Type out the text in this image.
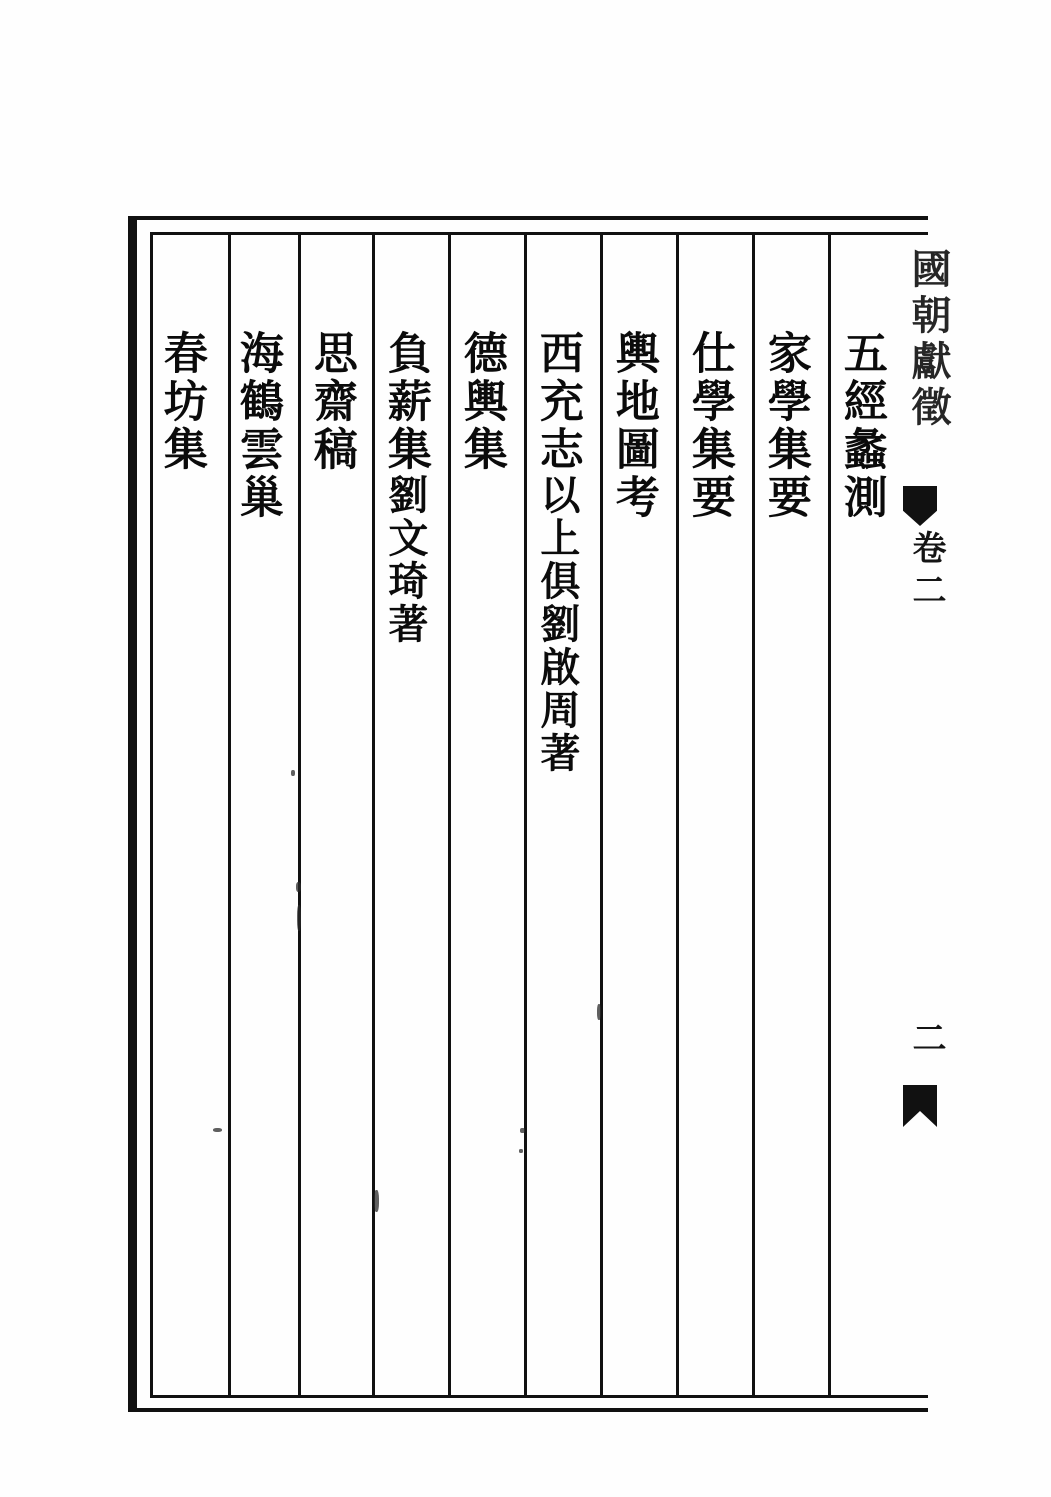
五經蠡測
家學集要
仕學集要
輿地圖考
西充志以上俱劉啟周著
德輿集
負薪集劉文琦著
思齋稿
海鶴雲巢
春坊集	國朝獻徵
卷二
二
